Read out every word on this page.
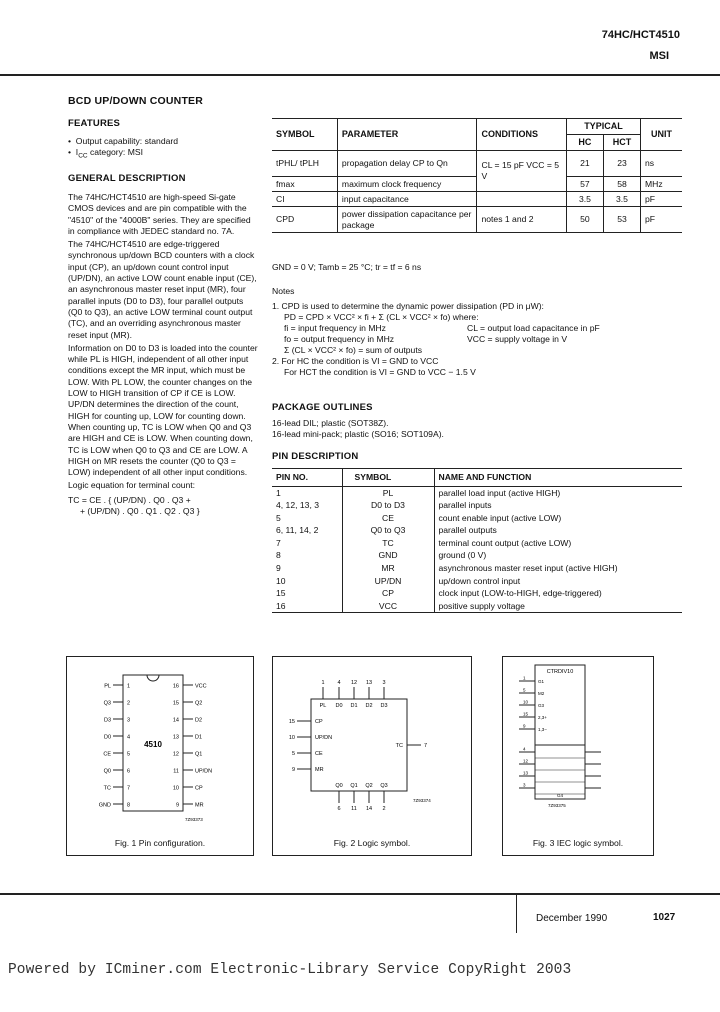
74HC/HCT4510
MSI
BCD UP/DOWN COUNTER
FEATURES
•  Output capability: standard
•  $I_{CC}$ category: MSI
GENERAL DESCRIPTION

The 74HC/HCT4510 are high-speed Si-gate CMOS devices and are pin compatible with the "4510" of the "4000B" series. They are specified in compliance with JEDEC standard no. 7A.

The 74HC/HCT4510 are edge-triggered synchronous up/down BCD counters with a clock input (CP), an up/down count control input (UP/DN), an active LOW count enable input (CE), an asynchronous master reset input (MR), four parallel inputs (D0 to D3), four parallel outputs (Q0 to Q3), an active LOW terminal count output (TC), and an overriding asynchronous master reset input (MR).

Information on D0 to D3 is loaded into the counter while PL is HIGH, independent of all other input conditions except the MR input, which must be LOW. With PL LOW, the counter changes on the LOW to HIGH transition of CP if CE is LOW. UP/DN determines the direction of the count, HIGH for counting up, LOW for counting down. When counting up, TC is LOW when Q0 and Q3 are HIGH and CE is LOW. When counting down, TC is LOW when Q0 to Q3 and CE are LOW. A HIGH on MR resets the counter (Q0 to Q3 = LOW) independent of all other input conditions.

Logic equation for terminal count:

TC = CE . { (UP/DN) . Q0 . Q3 +

+ (UP/DN) . Q0 . Q1 . Q2 . Q3 }

SYMBOL	PARAMETER	CONDITIONS	TYPICAL		UNIT
			HC	HCT	
tPHL/ tPLH	propagation delay CP to Qn	CL = 15 pF VCC = 5 V	21	23	ns
fmax	maximum clock frequency		57	58	MHz
CI	input capacitance		3.5	3.5	pF
CPD	power dissipation capacitance per package	notes 1 and 2	50	53	pF
GND = 0 V; Tamb = 25 °C; tr = tf = 6 ns
Notes
1. CPD is used to determine the dynamic power dissipation (PD in μW):
PD = CPD × VCC² × fi + Σ (CL × VCC² × fo) where:
fi = input frequency in MHz
fo = output frequency in MHz
CL = output load capacitance in pF
VCC = supply voltage in V
Σ (CL × VCC² × fo) = sum of outputs
2. For HC the condition is VI = GND to VCC
For HCT the condition is VI = GND to VCC − 1.5 V
PACKAGE OUTLINES
16-lead DIL; plastic (SOT38Z).
16-lead mini-pack; plastic (SO16; SOT109A).
PIN DESCRIPTION
PIN NO.	SYMBOL	NAME AND FUNCTION
1	PL	parallel load input (active HIGH)
4, 12, 13, 3	D0 to D3	parallel inputs
5	CE	count enable input (active LOW)
6, 11, 14, 2	Q0 to Q3	parallel outputs
7	TC	terminal count output (active LOW)
8	GND	ground (0 V)
9	MR	asynchronous master reset input (active HIGH)
10	UP/DN	up/down control input
15	CP	clock input (LOW-to-HIGH, edge-triggered)
16	VCC	positive supply voltage
4510
PL	1	16	VCC
Q3	2	15	Q2
D3	3	14	D2
D0	4	13	D1
CE	5	12	Q1
Q0	6	11	UP/DN
TC	7	10	CP
GND	8	9	MR
7Z93373
Fig. 1 Pin configuration.
1
PL
4
D0
Q0
6
12
D1
Q1
11
13
D2
Q2
14
3
D3
Q3
2
15	CP
10	UP/DN
5	CE
9	MR
TC	7
7Z93374
Fig. 2 Logic symbol.
CTRDIV10
1
G1
5
M2
10
G3
15
2,3+
9
1,3−
4
12
13
3
G4
7Z93375
Fig. 3 IEC logic symbol.
December 1990	1027
Powered by ICminer.com Electronic-Library Service CopyRight 2003
